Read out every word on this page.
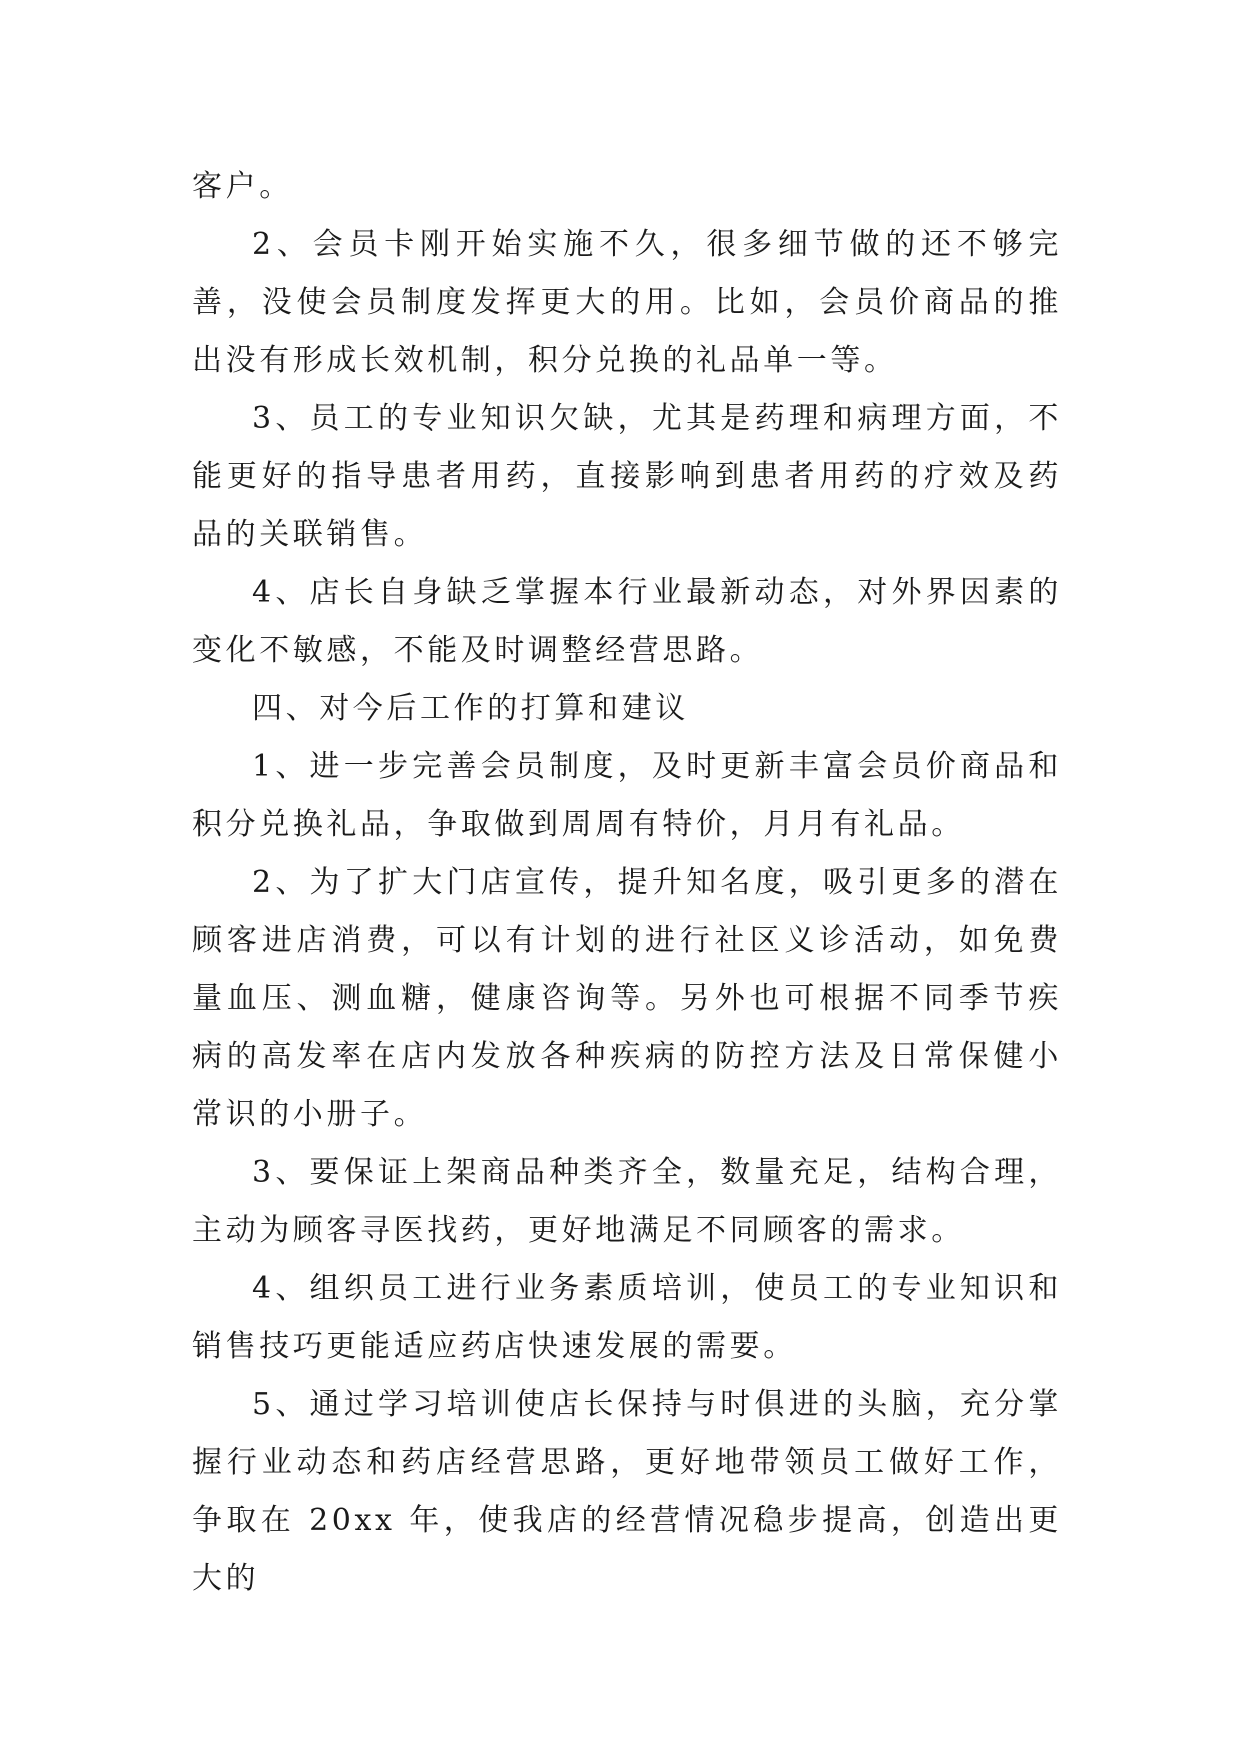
客户。

2、会员卡刚开始实施不久，很多细节做的还不够完善，没使会员制度发挥更大的用。比如，会员价商品的推出没有形成长效机制，积分兑换的礼品单一等。

3、员工的专业知识欠缺，尤其是药理和病理方面，不能更好的指导患者用药，直接影响到患者用药的疗效及药品的关联销售。

4、店长自身缺乏掌握本行业最新动态，对外界因素的变化不敏感，不能及时调整经营思路。

四、对今后工作的打算和建议

1、进一步完善会员制度，及时更新丰富会员价商品和积分兑换礼品，争取做到周周有特价，月月有礼品。

2、为了扩大门店宣传，提升知名度，吸引更多的潜在顾客进店消费，可以有计划的进行社区义诊活动，如免费量血压、测血糖，健康咨询等。另外也可根据不同季节疾病的高发率在店内发放各种疾病的防控方法及日常保健小常识的小册子。

3、要保证上架商品种类齐全，数量充足，结构合理，主动为顾客寻医找药，更好地满足不同顾客的需求。

4、组织员工进行业务素质培训，使员工的专业知识和销售技巧更能适应药店快速发展的需要。

5、通过学习培训使店长保持与时俱进的头脑，充分掌握行业动态和药店经营思路，更好地带领员工做好工作，争取在 20xx 年，使我店的经营情况稳步提高，创造出更大的
